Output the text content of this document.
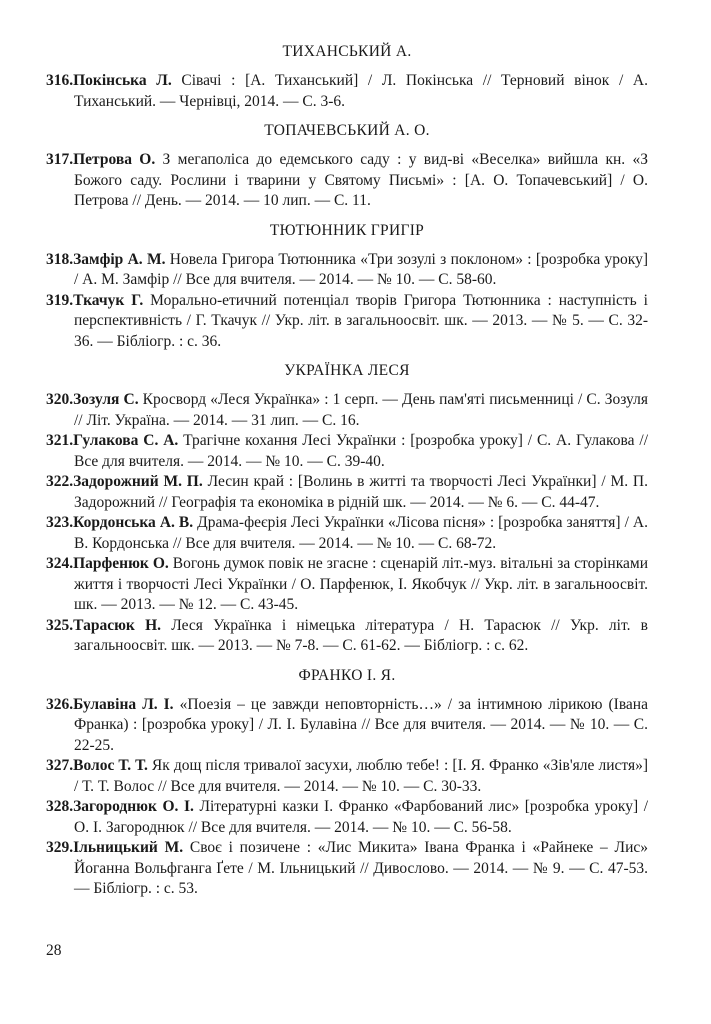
ТИХАНСЬКИЙ А.

316.Покінська Л. Сівачі : [А. Тиханський] / Л. Покінська // Терновий вінок / А. Тиханський. — Чернівці, 2014. — С. 3-6.

ТОПАЧЕВСЬКИЙ А. О.

317.Петрова О. З мегаполіса до едемського саду : у вид-ві «Веселка» вийшла кн. «З Божого саду. Рослини і тварини у Святому Письмі» : [А. О. Топачевський] / О. Петрова // День. — 2014. — 10 лип. — С. 11.

ТЮТЮННИК ГРИГІР

318.Замфір А. М. Новела Григора Тютюнника «Три зозулі з поклоном» : [розробка уроку] / А. М. Замфір // Все для вчителя. — 2014. — № 10. — С. 58-60.

319.Ткачук Г. Морально-етичний потенціал творів Григора Тютюнника : наступність і перспективність / Г. Ткачук // Укр. літ. в загальноосвіт. шк. — 2013. — № 5. — С. 32-36. — Бібліогр. : с. 36.

УКРАЇНКА ЛЕСЯ

320.Зозуля С. Кросворд «Леся Українка» : 1 серп. — День пам'яті письменниці / С. Зозуля // Літ. Україна. — 2014. — 31 лип. — С. 16.

321.Гулакова С. А. Трагічне кохання Лесі Українки : [розробка уроку] / С. А. Гулакова // Все для вчителя. — 2014. — № 10. — С. 39-40.

322.Задорожний М. П. Лесин край : [Волинь в житті та творчості Лесі Українки] / М. П. Задорожний // Географія та економіка в рідній шк. — 2014. — № 6. — С. 44-47.

323.Кордонська А. В. Драма-феєрія Лесі Українки «Лісова пісня» : [розробка заняття] / А. В. Кордонська // Все для вчителя. — 2014. — № 10. — С. 68-72.

324.Парфенюк О. Вогонь думок повік не згасне : сценарій літ.-муз. вітальні за сторінками життя і творчості Лесі Українки / О. Парфенюк, І. Якобчук // Укр. літ. в загальноосвіт. шк. — 2013. — № 12. — С. 43-45.

325.Тарасюк Н. Леся Українка і німецька література / Н. Тарасюк // Укр. літ. в загальноосвіт. шк. — 2013. — № 7-8. — С. 61-62. — Бібліогр. : с. 62.

ФРАНКО І. Я.

326.Булавіна Л. І. «Поезія – це завжди неповторність…» / за інтимною лірикою (Івана Франка) : [розробка уроку] / Л. І. Булавіна // Все для вчителя. — 2014. — № 10. — С. 22-25.

327.Волос Т. Т. Як дощ після тривалої засухи, люблю тебе! : [І. Я. Франко «Зів'яле листя»] / Т. Т. Волос // Все для вчителя. — 2014. — № 10. — С. 30-33.

328.Загороднюк О. І. Літературні казки І. Франко «Фарбований лис» [розробка уроку] / О. І. Загороднюк // Все для вчителя. — 2014. — № 10. — С. 56-58.

329.Ільницький М. Своє і позичене : «Лис Микита» Івана Франка і «Райнеке – Лис» Йоганна Вольфганга Ґете / М. Ільницький // Дивослово. — 2014. — № 9. — С. 47-53. — Бібліогр. : с. 53.

28
